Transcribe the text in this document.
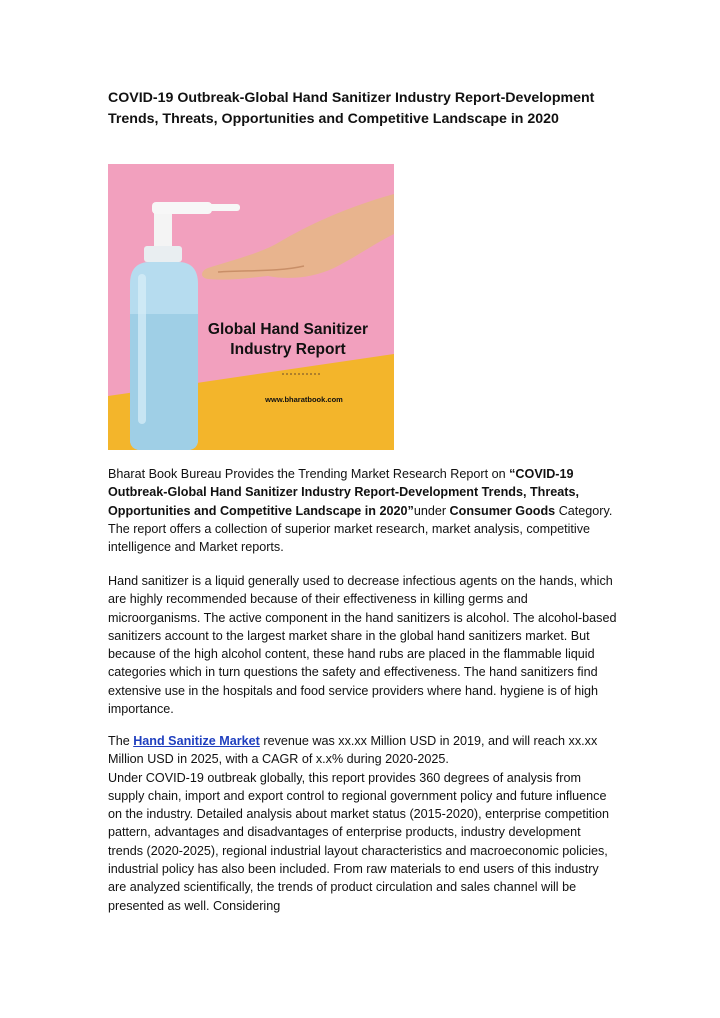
COVID-19 Outbreak-Global Hand Sanitizer Industry Report-Development Trends, Threats, Opportunities and Competitive Landscape in 2020
Global Hand Sanitizer
Industry Report
www.bharatbook.com

Bharat Book Bureau Provides the Trending Market Research Report on “COVID-19 Outbreak-Global Hand Sanitizer Industry Report-Development Trends, Threats, Opportunities and Competitive Landscape in 2020”under Consumer Goods Category. The report offers a collection of superior market research, market analysis, competitive intelligence and Market reports.

Hand sanitizer is a liquid generally used to decrease infectious agents on the hands, which are highly recommended because of their effectiveness in killing germs and microorganisms. The active component in the hand sanitizers is alcohol. The alcohol-based sanitizers account to the largest market share in the global hand sanitizers market. But because of the high alcohol content, these hand rubs are placed in the flammable liquid categories which in turn questions the safety and effectiveness. The hand sanitizers find extensive use in the hospitals and food service providers where hand. hygiene is of high importance.

The Hand Sanitize Market revenue was xx.xx Million USD in 2019, and will reach xx.xx Million USD in 2025, with a CAGR of x.x% during 2020-2025.
Under COVID-19 outbreak globally, this report provides 360 degrees of analysis from supply chain, import and export control to regional government policy and future influence on the industry. Detailed analysis about market status (2015-2020), enterprise competition pattern, advantages and disadvantages of enterprise products, industry development trends (2020-2025), regional industrial layout characteristics and macroeconomic policies, industrial policy has also been included. From raw materials to end users of this industry are analyzed scientifically, the trends of product circulation and sales channel will be presented as well. Considering
